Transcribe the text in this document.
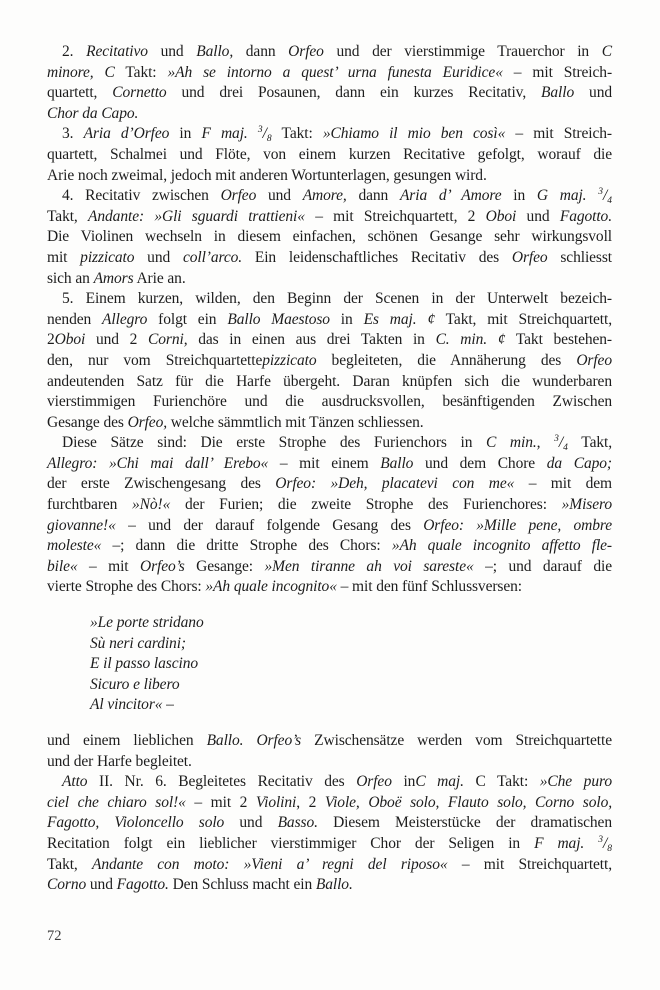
2. Recitativo und Ballo, dann Orfeo und der vierstimmige Trauerchor in C
minore, C Takt: »Ah se intorno a quest’ urna funesta Euridice« – mit Streich-
quartett, Cornetto und drei Posaunen, dann ein kurzes Recitativ, Ballo und
Chor da Capo.
3. Aria d’Orfeo in F maj. $^3/_8$ Takt: »Chiamo il mio ben così« – mit Streich-
quartett, Schalmei und Flöte, von einem kurzen Recitative gefolgt, worauf die
Arie noch zweimal, jedoch mit anderen Wortunterlagen, gesungen wird.
4. Recitativ zwischen Orfeo und Amore, dann Aria d’ Amore in G maj. $^3/_4$
Takt, Andante: »Gli sguardi trattieni« – mit Streichquartett, 2 Oboi und Fagotto.
Die Violinen wechseln in diesem einfachen, schönen Gesange sehr wirkungsvoll
mit pizzicato und coll’arco. Ein leidenschaftliches Recitativ des Orfeo schliesst
sich an Amors Arie an.
5. Einem kurzen, wilden, den Beginn der Scenen in der Unterwelt bezeich-
nenden Allegro folgt ein Ballo Maestoso in Es maj. ¢ Takt, mit Streichquartett,
2Oboi und 2 Corni, das in einen aus drei Takten in C. min. ¢ Takt bestehen-
den, nur vom Streichquartettepizzicato begleiteten, die Annäherung des Orfeo
andeutenden Satz für die Harfe übergeht. Daran knüpfen sich die wunderbaren
vierstimmigen Furienchöre und die ausdrucksvollen, besänftigenden Zwischen
Gesange des Orfeo, welche sämmtlich mit Tänzen schliessen.
Diese Sätze sind: Die erste Strophe des Furienchors in C min., $^3/_4$ Takt,
Allegro: »Chi mai dall’ Erebo« – mit einem Ballo und dem Chore da Capo;
der erste Zwischengesang des Orfeo: »Deh, placatevi con me« – mit dem
furchtbaren »Nò!« der Furien; die zweite Strophe des Furienchores: »Misero
giovanne!« – und der darauf folgende Gesang des Orfeo: »Mille pene, ombre
moleste« –; dann die dritte Strophe des Chors: »Ah quale incognito affetto fle-
bile« – mit Orfeo’s Gesange: »Men tiranne ah voi sareste« –; und darauf die
vierte Strophe des Chors: »Ah quale incognito« – mit den fünf Schlussversen:
»Le porte stridano
Sù neri cardini;
E il passo lascino
Sicuro e libero
Al vincitor« –
und einem lieblichen Ballo. Orfeo’s Zwischensätze werden vom Streichquartette
und der Harfe begleitet.
Atto II. Nr. 6. Begleitetes Recitativ des Orfeo inC maj. C Takt: »Che puro
ciel che chiaro sol!« – mit 2 Violini, 2 Viole, Oboë solo, Flauto solo, Corno solo,
Fagotto, Violoncello solo und Basso. Diesem Meisterstücke der dramatischen
Recitation folgt ein lieblicher vierstimmiger Chor der Seligen in F maj. $^3/_8$
Takt, Andante con moto: »Vieni a’ regni del riposo« – mit Streichquartett,
Corno und Fagotto. Den Schluss macht ein Ballo.
72
